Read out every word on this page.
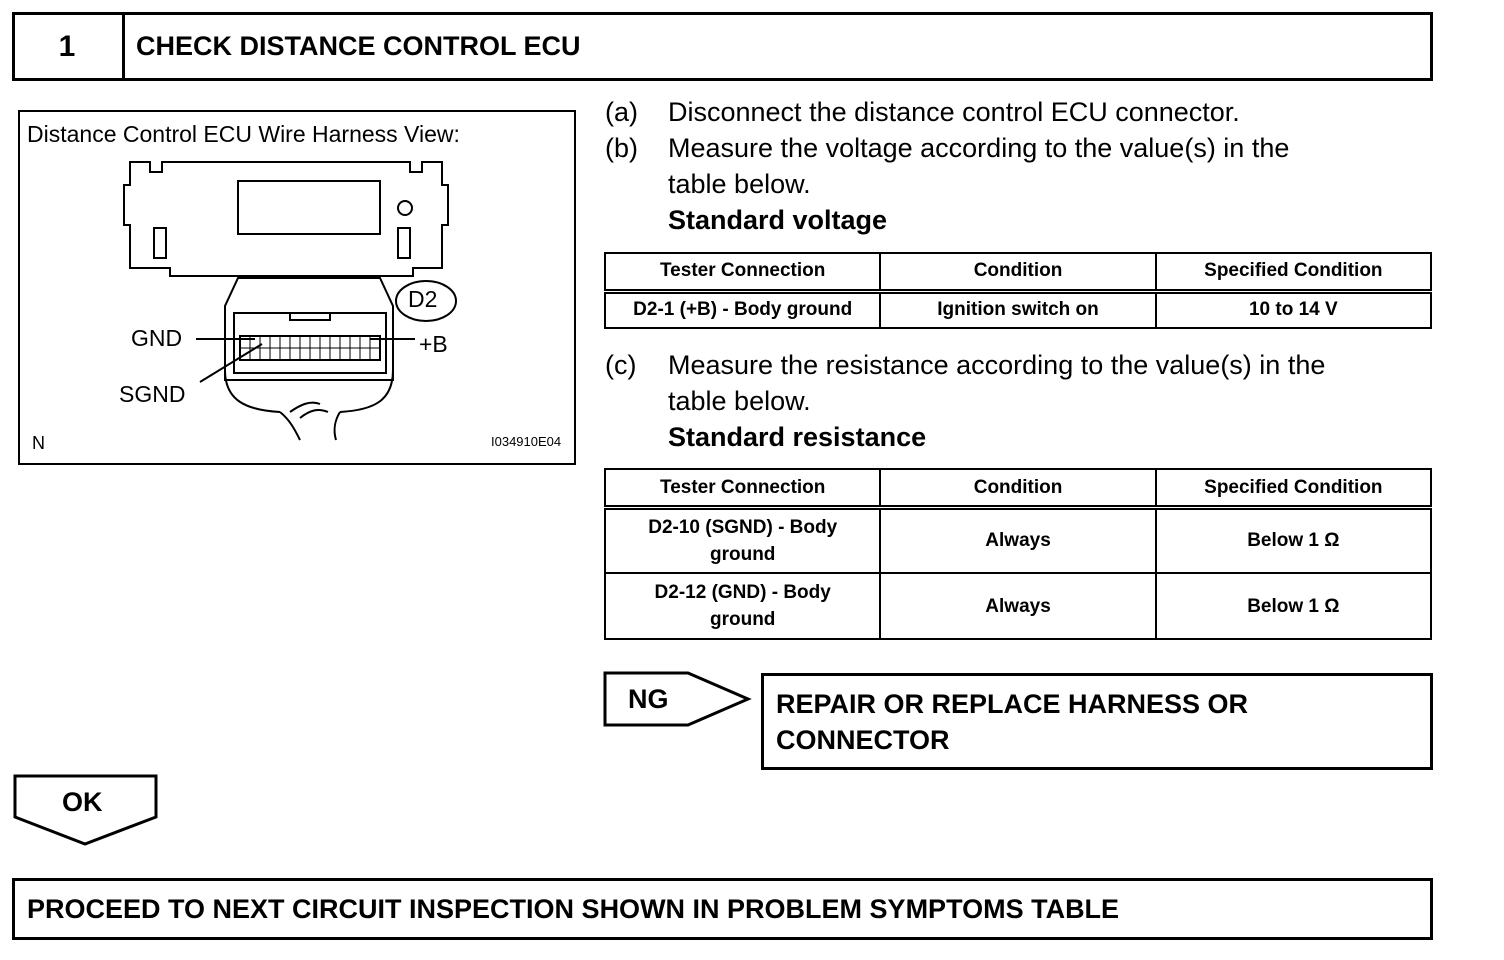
1	CHECK DISTANCE CONTROL ECU
Distance Control ECU Wire Harness View:
D2
GND	+B
SGND
N	I034910E04
(a) Disconnect the distance control ECU connector.
(b) Measure the voltage according to the value(s) in the
table below.
Standard voltage
Tester Connection	Condition	Specified Condition
D2-1 (+B) - Body ground	Ignition switch on	10 to 14 V
(c) Measure the resistance according to the value(s) in the
table below.
Standard resistance
Tester Connection	Condition	Specified Condition
D2-10 (SGND) - Body ground	Always	Below 1 Ω
D2-12 (GND) - Body ground	Always	Below 1 Ω
NG	REPAIR OR REPLACE HARNESS OR
CONNECTOR
OK
PROCEED TO NEXT CIRCUIT INSPECTION SHOWN IN PROBLEM SYMPTOMS TABLE
